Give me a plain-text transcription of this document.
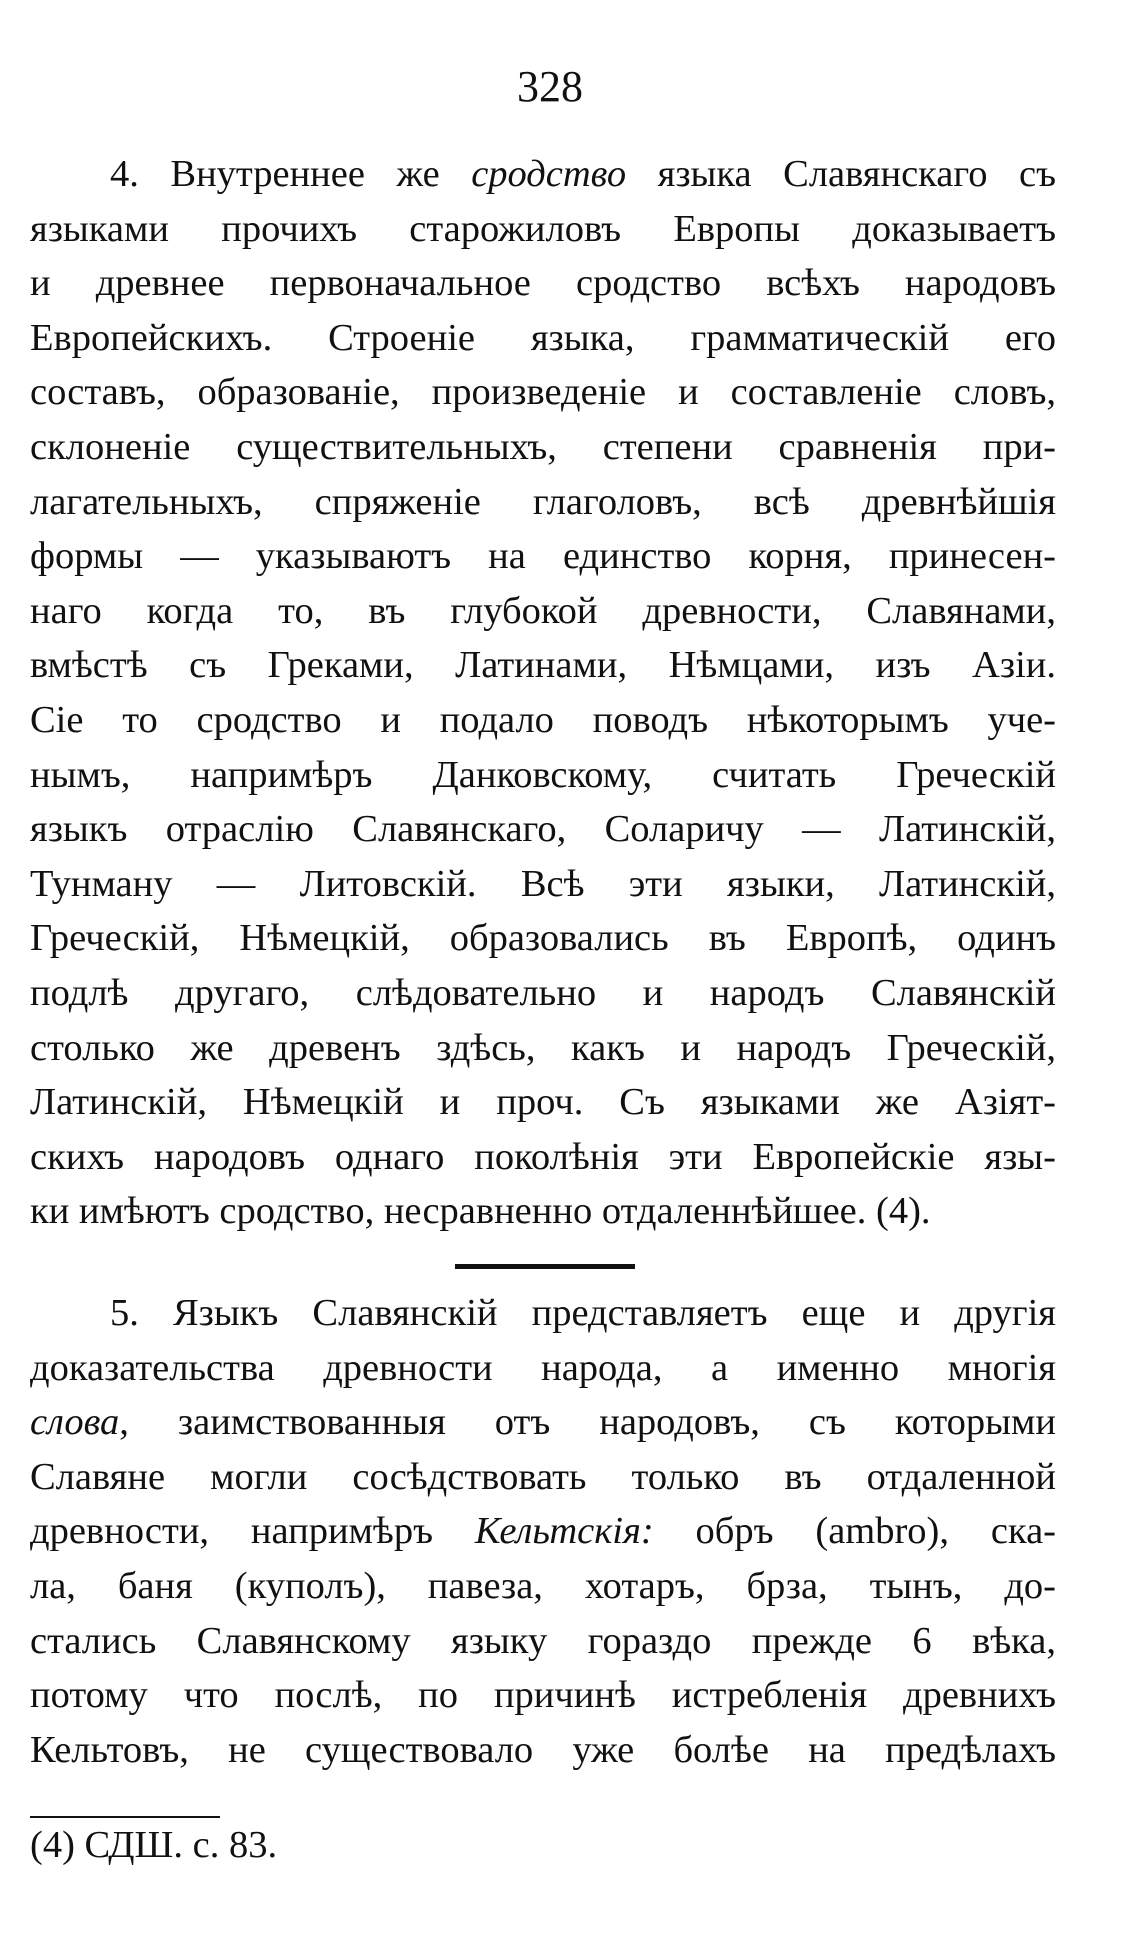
328
4. Внутреннее же сродство языка Славянскаго съ
языками прочихъ старожиловъ Европы доказываетъ
и древнее первоначальное сродство всѣхъ народовъ
Европейскихъ. Строеніе языка, грамматическій его
составъ, образованіе, произведеніе и составленіе словъ,
склоненіе существительныхъ, степени сравненія при-
лагательныхъ, спряженіе глаголовъ, всѣ древнѣйшія
формы — указываютъ на единство корня, принесен-
наго когда то, въ глубокой древности, Славянами,
вмѣстѣ съ Греками, Латинами, Нѣмцами, изъ Азіи.
Сіе то сродство и подало поводъ нѣкоторымъ уче-
нымъ, напримѣръ Данковскому, считать Греческій
языкъ отраслію Славянскаго, Соларичу — Латинскій,
Тунману — Литовскій. Всѣ эти языки, Латинскій,
Греческій, Нѣмецкій, образовались въ Европѣ, одинъ
подлѣ другаго, слѣдовательно и народъ Славянскій
столько же древенъ здѣсь, какъ и народъ Греческій,
Латинскій, Нѣмецкій и проч. Съ языками же Азіят-
скихъ народовъ однаго поколѣнія эти Европейскіе язы-
ки имѣютъ сродство, несравненно отдаленнѣйшее. (4).
5. Языкъ Славянскій представляетъ еще и другія
доказательства древности народа, а именно многія
слова, заимствованныя отъ народовъ, съ которыми
Славяне могли сосѣдствовать только въ отдаленной
древности, напримѣръ Кельтскія: обръ (ambro), ска-
ла, баня (куполъ), павеза, хотаръ, брза, тынъ, до-
стались Славянскому языку гораздо прежде 6 вѣка,
потому что послѣ, по причинѣ истребленія древнихъ
Кельтовъ, не существовало уже болѣе на предѣлахъ
(4) СДШ. с. 83.
